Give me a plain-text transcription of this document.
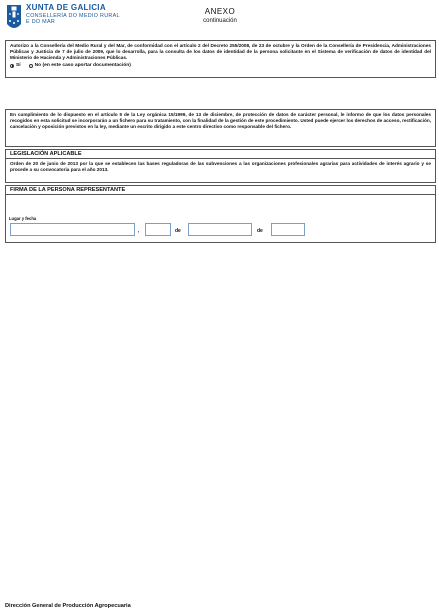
XUNTA DE GALICIA
CONSELLERÍA DO MEDIO RURAL
E DO MAR
ANEXO
continuación
Autorizo a la Consellería del Medio Rural y del Mar, de conformidad con el artículo 2 del Decreto 255/2008, de 23 de octubre y la Orden de la Consellería de Presidencia, Administraciones Públicas y Justicia de 7 de julio de 2009, que lo desarrolla, para la consulta de los datos de identidad de la persona solicitante en el Sistema de verificación de datos de identidad del Ministerio de Hacienda y Administraciones Públicas.
Sí	No (en este caso aportar documentación)
En cumplimiento de lo dispuesto en el artículo 5 de la Ley orgánica 15/1999, de 13 de diciembre, de protección de datos de carácter personal, le informo de que los datos personales recogidos en esta solicitud se incorporarán a un fichero para su tratamiento, con la finalidad de la gestión de este procedimiento. Usted puede ejercer los derechos de acceso, rectificación, cancelación y oposición previstos en la ley, mediante un escrito dirigido a este centro directivo como responsable del fichero.
LEGISLACIÓN APLICABLE
Orden de 20 de junio de 2013 por la que se establecen las bases reguladoras de las subvenciones a las organizaciones profesionales agrarias para actividades de interés agrario y se procede a su convocatoria para el año 2013.
FIRMA DE LA PERSONA REPRESENTANTE
Lugar y fecha
,	de	de
Dirección General de Producción Agropecuaria
